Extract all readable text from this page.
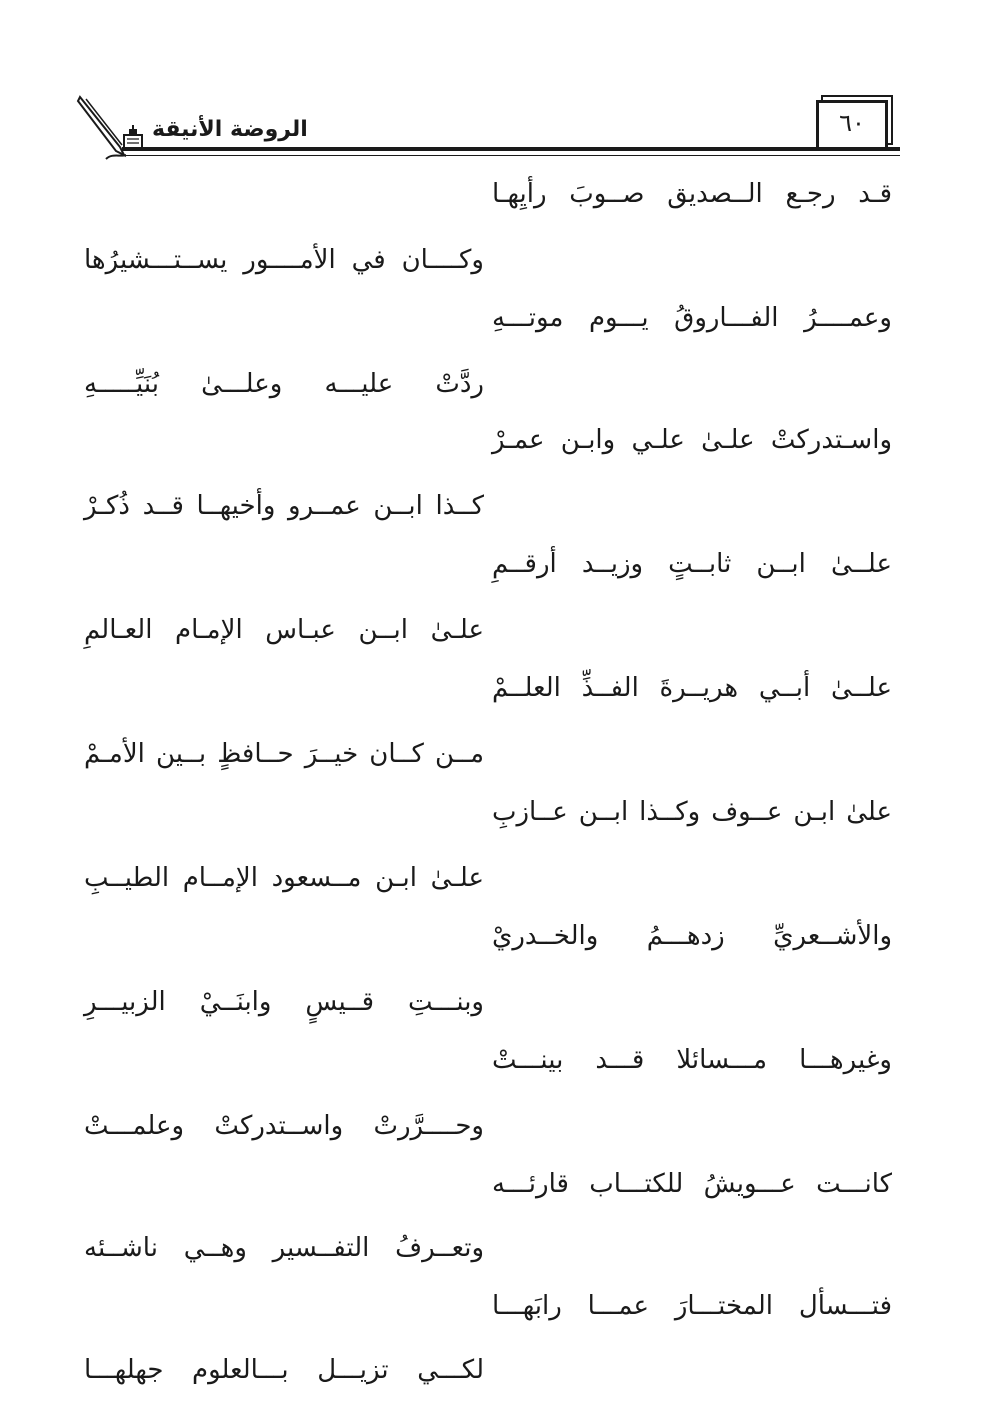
الروضة الأنيقة	٦٠
قـد رجـع الــصديق صــوبَ رأيِهـا
وكــــان في الأمــــور يســتـــشيرُها
وعمــــرُ الفـــاروقُ يـــوم موتـــهِ
ردَّتْ عليـــه وعلـــىٰ بُنَيِّـــــهِ
واسـتدركتْ علـىٰ علـي وابـن عمـرْ
كــذا ابــن عمــرو وأخيهــا قــد ذُكـرْ
علــىٰ ابــن ثابــتٍ وزيــد أرقــمِ
علـىٰ ابــن عبـاس الإمـام العـالمِ
علــىٰ أبــي هريــرةَ الفــذِّ العلــمْ
مــن كــان خيــرَ حــافظٍ بــين الأمـمْ
علىٰ ابـن عــوف وكــذا ابــن عــازبِ
علـىٰ ابـن مــسعود الإمــام الطيــبِ
والأشــعريِّ زدهـــمُ والخــدريْ
وبنـــتِ قــيسٍ وابنَــيْ الزبيـــرِ
وغيرهـــا مـــسائلا قـــد بينـــتْ
وحــــرَّرتْ واســتدركتْ وعلمـــتْ
كانـــت عـــويشُ للكتـــاب قارئـــه
وتعــرفُ التفــسير وهــي ناشــئه
فتـــسأل المختـــارَ عمـــا رابَهـــا
لكـــي تزيـــل بـــالعلوم جهلهـــا
